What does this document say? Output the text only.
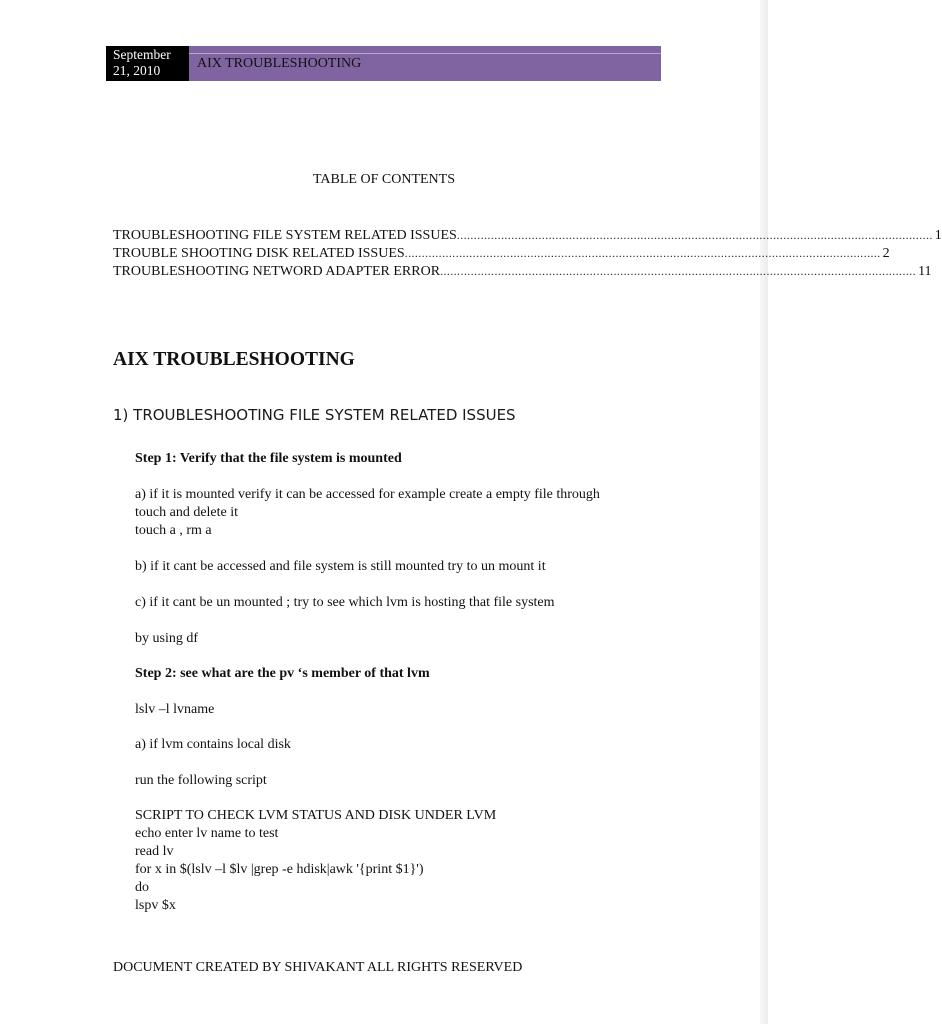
September
21, 2010	AIX TROUBLESHOOTING
TABLE OF CONTENTS
TROUBLESHOOTING FILE SYSTEM RELATED ISSUES ............................................................................................................................................ 1
TROUBLE SHOOTING DISK RELATED ISSUES ............................................................................................................................................ 2
TROUBLESHOOTING NETWORD ADAPTER ERROR ............................................................................................................................................ 11
AIX TROUBLESHOOTING
1) TROUBLESHOOTING FILE SYSTEM RELATED ISSUES
Step 1: Verify that the file system is mounted
a) if it is mounted verify it can be accessed for example create a empty file through
touch and delete it
touch a , rm a
b) if it cant be accessed and file system is still mounted try to un mount it
c) if it cant be un mounted ; try to see which lvm is hosting that file system
by using df
Step 2: see what are the pv ‘s member of that lvm
lslv –l lvname
a) if lvm contains local disk
run the following script
SCRIPT TO CHECK LVM STATUS AND DISK UNDER LVM
echo enter lv name to test
read lv
for x in $(lslv –l $lv |grep -e hdisk|awk '{print $1}')
do
lspv $x
DOCUMENT CREATED BY SHIVAKANT ALL RIGHTS RESERVED
